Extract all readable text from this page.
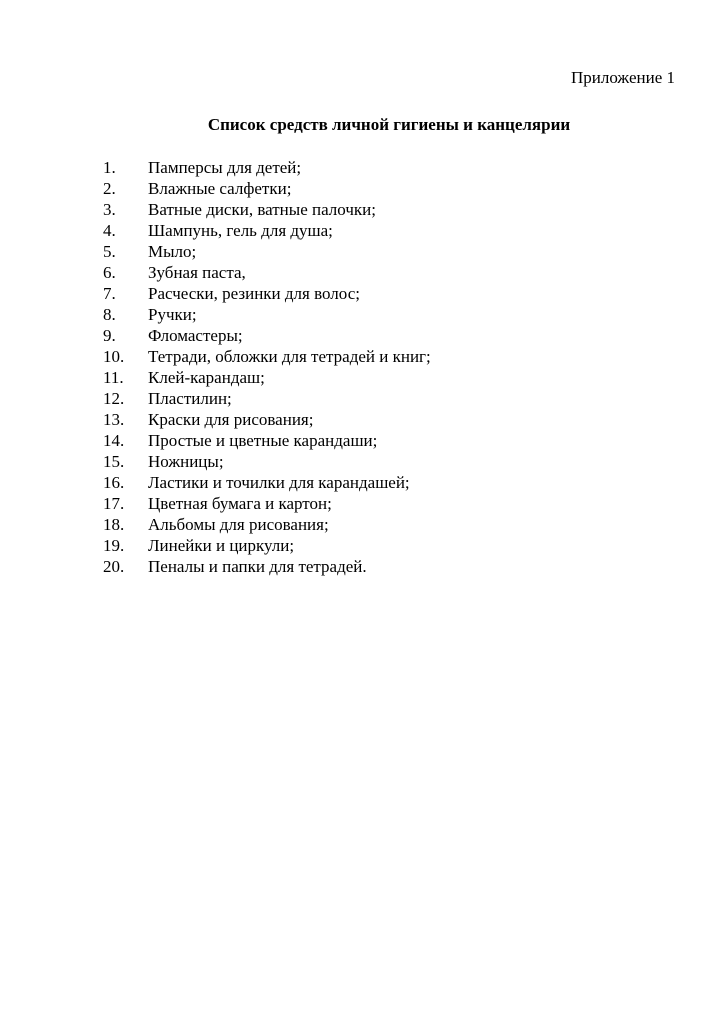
Приложение 1
Список средств личной гигиены и канцелярии
1.	Памперсы для детей;
2.	Влажные салфетки;
3.	Ватные диски, ватные палочки;
4.	Шампунь, гель для душа;
5.	Мыло;
6.	Зубная паста,
7.	Расчески, резинки для волос;
8.	Ручки;
9.	Фломастеры;
10.	Тетради, обложки для тетрадей и книг;
11.	Клей-карандаш;
12.	Пластилин;
13.	Краски для рисования;
14.	Простые и цветные карандаши;
15.	Ножницы;
16.	Ластики и точилки для карандашей;
17.	Цветная бумага и картон;
18.	Альбомы для рисования;
19.	Линейки и циркули;
20.	Пеналы и папки для тетрадей.
